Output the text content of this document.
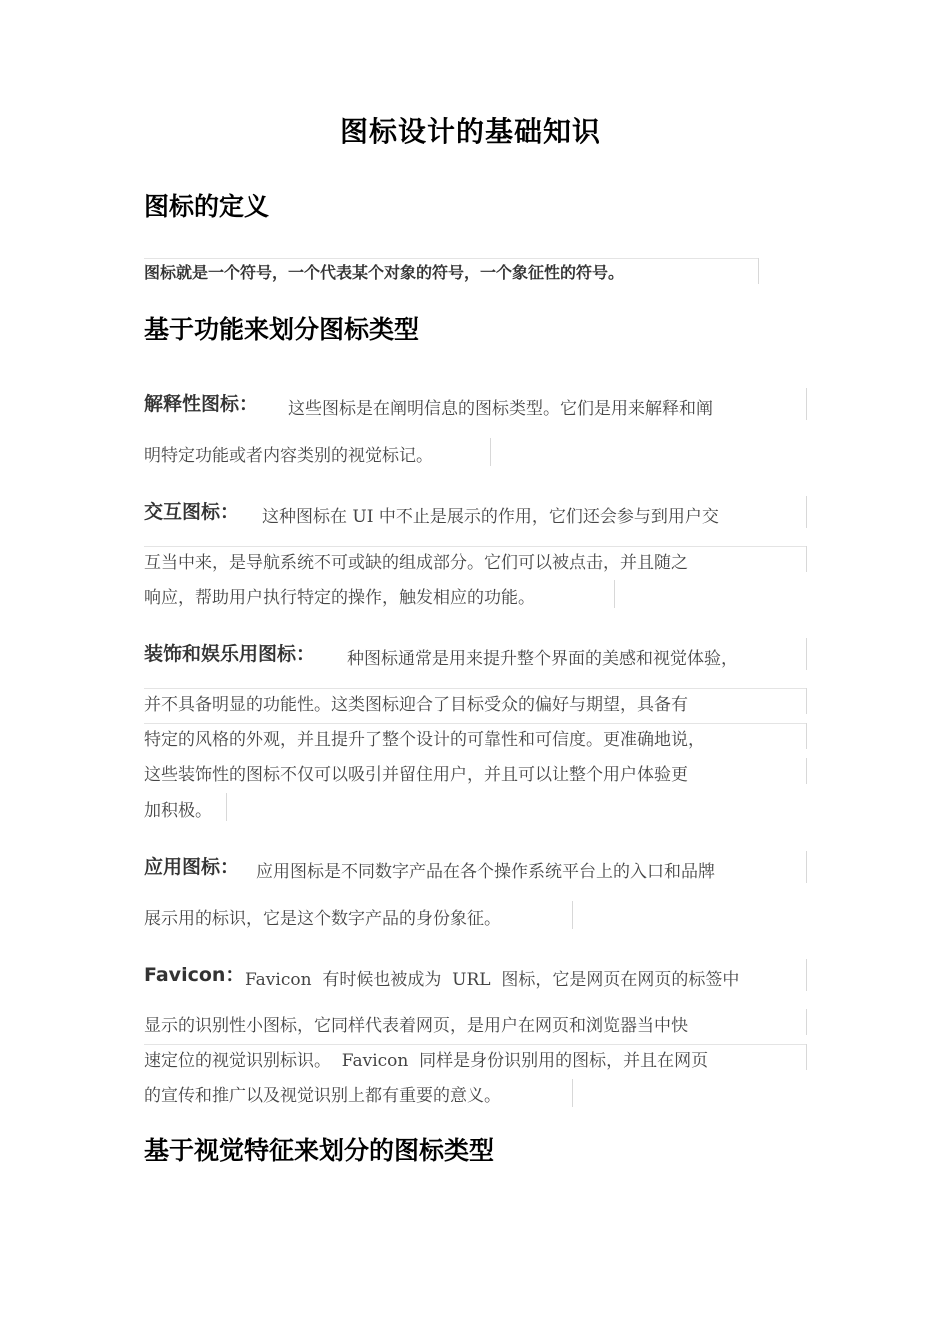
图标设计的基础知识
图标的定义
图标就是一个符号，一个代表某个对象的符号，一个象征性的符号。
基于功能来划分图标类型
解释性图标： 这些图标是在阐明信息的图标类型。它们是用来解释和阐
明特定功能或者内容类别的视觉标记。
交互图标： 这种图标在 UI 中不止是展示的作用，它们还会参与到用户交
互当中来，是导航系统不可或缺的组成部分。它们可以被点击，并且随之
响应，帮助用户执行特定的操作，触发相应的功能。
装饰和娱乐用图标： 种图标通常是用来提升整个界面的美感和视觉体验，
并不具备明显的功能性。这类图标迎合了目标受众的偏好与期望，具备有
特定的风格的外观，并且提升了整个设计的可靠性和可信度。更准确地说，
这些装饰性的图标不仅可以吸引并留住用户，并且可以让整个用户体验更
加积极。
应用图标： 应用图标是不同数字产品在各个操作系统平台上的入口和品牌
展示用的标识，它是这个数字产品的身份象征。
Favicon： Favicon  有时候也被成为  URL  图标，它是网页在网页的标签中
显示的识别性小图标，它同样代表着网页，是用户在网页和浏览器当中快
速定位的视觉识别标识。  Favicon  同样是身份识别用的图标，并且在网页
的宣传和推广以及视觉识别上都有重要的意义。
基于视觉特征来划分的图标类型
